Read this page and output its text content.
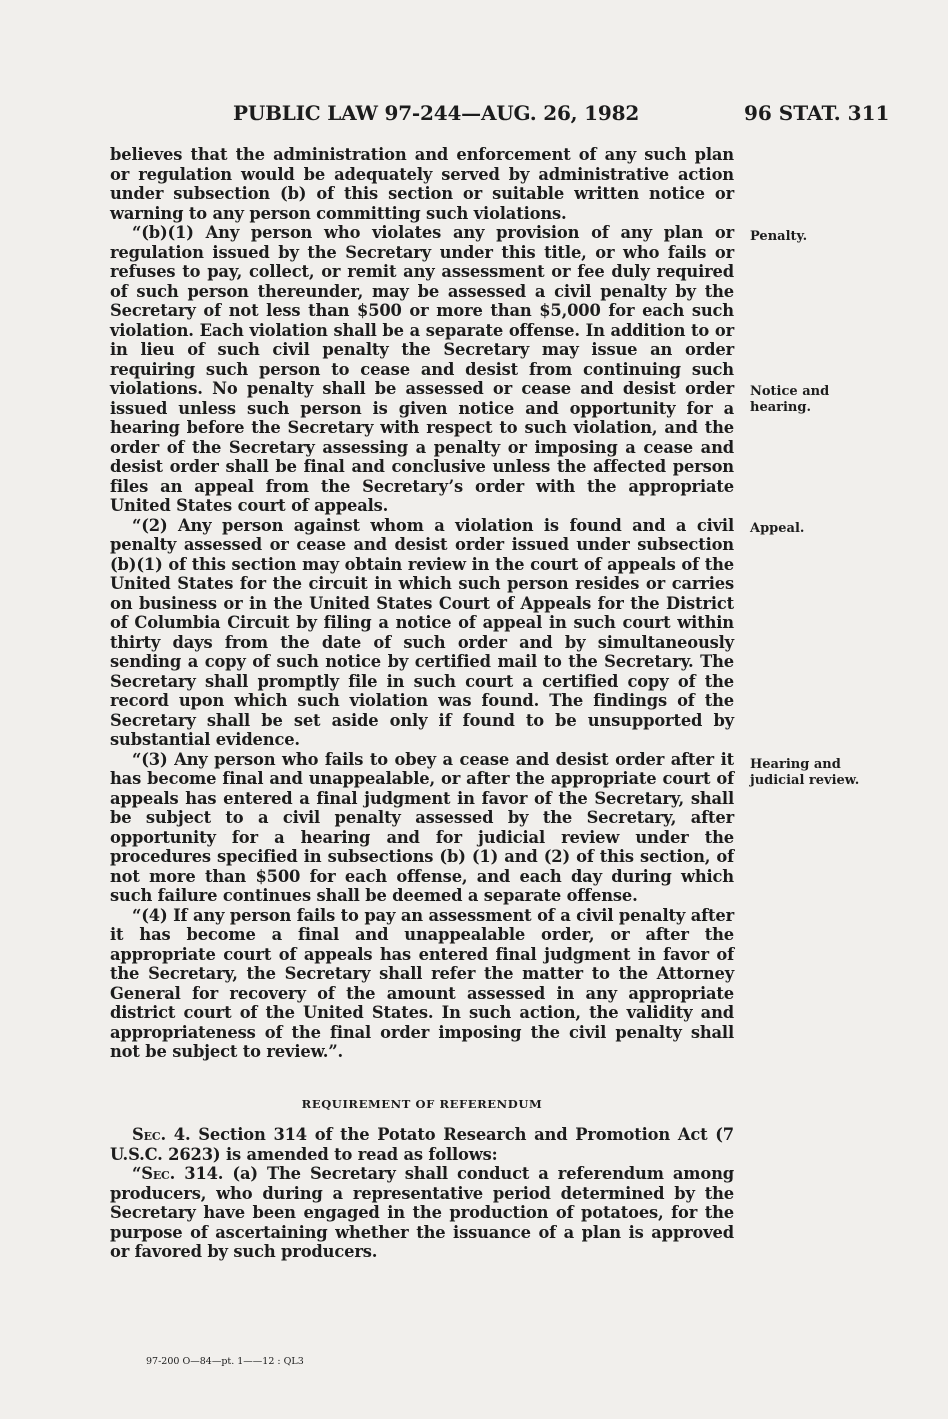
PUBLIC LAW 97-244—AUG. 26, 1982	96 STAT. 311

believes that the administration and enforcement of any such plan or regulation would be adequately served by administrative action under subsection (b) of this section or suitable written notice or warning to any person committing such violations.

“(b)(1) Any person who violates any provision of any plan or regulation issued by the Secretary under this title, or who fails or refuses to pay, collect, or remit any assessment or fee duly required of such person thereunder, may be assessed a civil penalty by the Secretary of not less than $500 or more than $5,000 for each such violation. Each violation shall be a separate offense. In addition to or in lieu of such civil penalty the Secretary may issue an order requiring such person to cease and desist from continuing such violations. No penalty shall be assessed or cease and desist order issued unless such person is given notice and opportunity for a hearing before the Secretary with respect to such violation, and the order of the Secretary assessing a penalty or imposing a cease and desist order shall be final and conclusive unless the affected person files an appeal from the Secretary’s order with the appropriate United States court of appeals.

“(2) Any person against whom a violation is found and a civil penalty assessed or cease and desist order issued under subsection (b)(1) of this section may obtain review in the court of appeals of the United States for the circuit in which such person resides or carries on business or in the United States Court of Appeals for the District of Columbia Circuit by filing a notice of appeal in such court within thirty days from the date of such order and by simultaneously sending a copy of such notice by certified mail to the Secretary. The Secretary shall promptly file in such court a certified copy of the record upon which such violation was found. The findings of the Secretary shall be set aside only if found to be unsupported by substantial evidence.

“(3) Any person who fails to obey a cease and desist order after it has become final and unappealable, or after the appropriate court of appeals has entered a final judgment in favor of the Secretary, shall be subject to a civil penalty assessed by the Secretary, after opportunity for a hearing and for judicial review under the procedures specified in subsections (b) (1) and (2) of this section, of not more than $500 for each offense, and each day during which such failure continues shall be deemed a separate offense.

“(4) If any person fails to pay an assessment of a civil penalty after it has become a final and unappealable order, or after the appropriate court of appeals has entered final judgment in favor of the Secretary, the Secretary shall refer the matter to the Attorney General for recovery of the amount assessed in any appropriate district court of the United States. In such action, the validity and appropriateness of the final order imposing the civil penalty shall not be subject to review.”.

REQUIREMENT OF REFERENDUM

Sec. 4. Section 314 of the Potato Research and Promotion Act (7 U.S.C. 2623) is amended to read as follows:

“Sec. 314. (a) The Secretary shall conduct a referendum among producers, who during a representative period determined by the Secretary have been engaged in the production of potatoes, for the purpose of ascertaining whether the issuance of a plan is approved or favored by such producers.

Penalty.
Notice and
hearing.
Appeal.
Hearing and
judicial review.
97-200 O—84—pt. 1——12 : QL3
